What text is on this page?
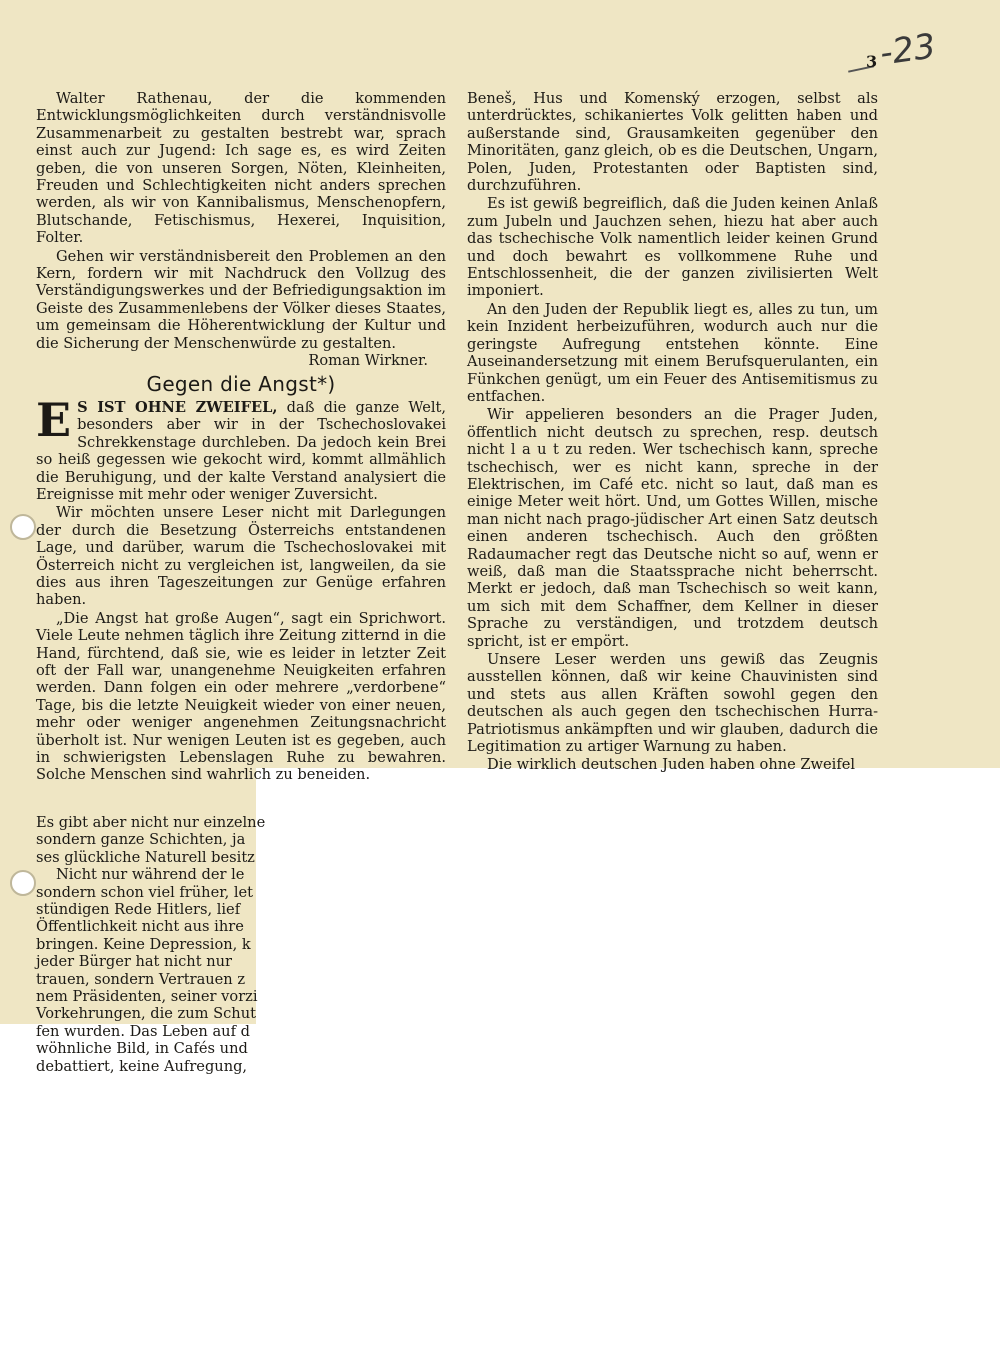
3 -23

Walter Rathenau, der die kommenden Entwicklungsmöglichkeiten durch verständnisvolle Zusammenarbeit zu gestalten bestrebt war, sprach einst auch zur Jugend: Ich sage es, es wird Zeiten geben, die von unseren Sorgen, Nöten, Kleinheiten, Freuden und Schlechtigkeiten nicht anders sprechen werden, als wir von Kannibalismus, Menschenopfern, Blutschande, Fetischismus, Hexerei, Inquisition, Folter.

Gehen wir verständnisbereit den Problemen an den Kern, fordern wir mit Nachdruck den Vollzug des Verständigungswerkes und der Befriedigungsaktion im Geiste des Zusammenlebens der Völker dieses Staates, um gemeinsam die Höherentwicklung der Kultur und die Sicherung der Menschenwürde zu gestalten.
Roman Wirkner.

Gegen die Angst*)

E S IST OHNE ZWEIFEL, daß die ganze Welt, besonders aber wir in der Tschechoslovakei Schrekkenstage durchleben. Da jedoch kein Brei so heiß gegessen wie gekocht wird, kommt allmählich die Beruhigung, und der kalte Verstand analysiert die Ereignisse mit mehr oder weniger Zuversicht.

Wir möchten unsere Leser nicht mit Darlegungen der durch die Besetzung Österreichs entstandenen Lage, und darüber, warum die Tschechoslovakei mit Österreich nicht zu vergleichen ist, langweilen, da sie dies aus ihren Tageszeitungen zur Genüge erfahren haben.

„Die Angst hat große Augen“, sagt ein Sprichwort. Viele Leute nehmen täglich ihre Zeitung zitternd in die Hand, fürchtend, daß sie, wie es leider in letzter Zeit oft der Fall war, unangenehme Neuigkeiten erfahren werden. Dann folgen ein oder mehrere „verdorbene“ Tage, bis die letzte Neuigkeit wieder von einer neuen, mehr oder weniger angenehmen Zeitungsnachricht überholt ist. Nur wenigen Leuten ist es gegeben, auch in schwierigsten Lebenslagen Ruhe zu bewahren. Solche Menschen sind wahrlich zu beneiden.

Es gibt aber nicht nur einzelne
sondern ganze Schichten, ja
ses glückliche Naturell besitz
Nicht nur während der le
sondern schon viel früher, let
stündigen Rede Hitlers, lief
Öffentlichkeit nicht aus ihre
bringen. Keine Depression, k
jeder Bürger hat nicht nur
trauen, sondern Vertrauen z
nem Präsidenten, seiner vorzi
Vorkehrungen, die zum Schut
fen wurden. Das Leben auf d
wöhnliche Bild, in Cafés und
debattiert, keine Aufregung,

Beneš, Hus und Komenský erzogen, selbst als unterdrücktes, schikaniertes Volk gelitten haben und außerstande sind, Grausamkeiten gegenüber den Minoritäten, ganz gleich, ob es die Deutschen, Ungarn, Polen, Juden, Protestanten oder Baptisten sind, durchzuführen.

Es ist gewiß begreiflich, daß die Juden keinen Anlaß zum Jubeln und Jauchzen sehen, hiezu hat aber auch das tschechische Volk namentlich leider keinen Grund und doch bewahrt es vollkommene Ruhe und Entschlossenheit, die der ganzen zivilisierten Welt imponiert.

An den Juden der Republik liegt es, alles zu tun, um kein Inzident herbeizuführen, wodurch auch nur die geringste Aufregung entstehen könnte. Eine Auseinandersetzung mit einem Berufsquerulanten, ein Fünkchen genügt, um ein Feuer des Antisemitismus zu entfachen.

Wir appelieren besonders an die Prager Juden, öffentlich nicht deutsch zu sprechen, resp. deutsch nicht l a u t zu reden. Wer tschechisch kann, spreche tschechisch, wer es nicht kann, spreche in der Elektrischen, im Café etc. nicht so laut, daß man es einige Meter weit hört. Und, um Gottes Willen, mische man nicht nach prago-jüdischer Art einen Satz deutsch einen anderen tschechisch. Auch den größten Radaumacher regt das Deutsche nicht so auf, wenn er weiß, daß man die Staatssprache nicht beherrscht. Merkt er jedoch, daß man Tschechisch so weit kann, um sich mit dem Schaffner, dem Kellner in dieser Sprache zu verständigen, und trotzdem deutsch spricht, ist er empört.

Unsere Leser werden uns gewiß das Zeugnis ausstellen können, daß wir keine Chauvinisten sind und stets aus allen Kräften sowohl gegen den deutschen als auch gegen den tschechischen Hurra-Patriotismus ankämpften und wir glauben, dadurch die Legitimation zu artiger Warnung zu haben.

Die wirklich deutschen Juden haben ohne Zweifel
